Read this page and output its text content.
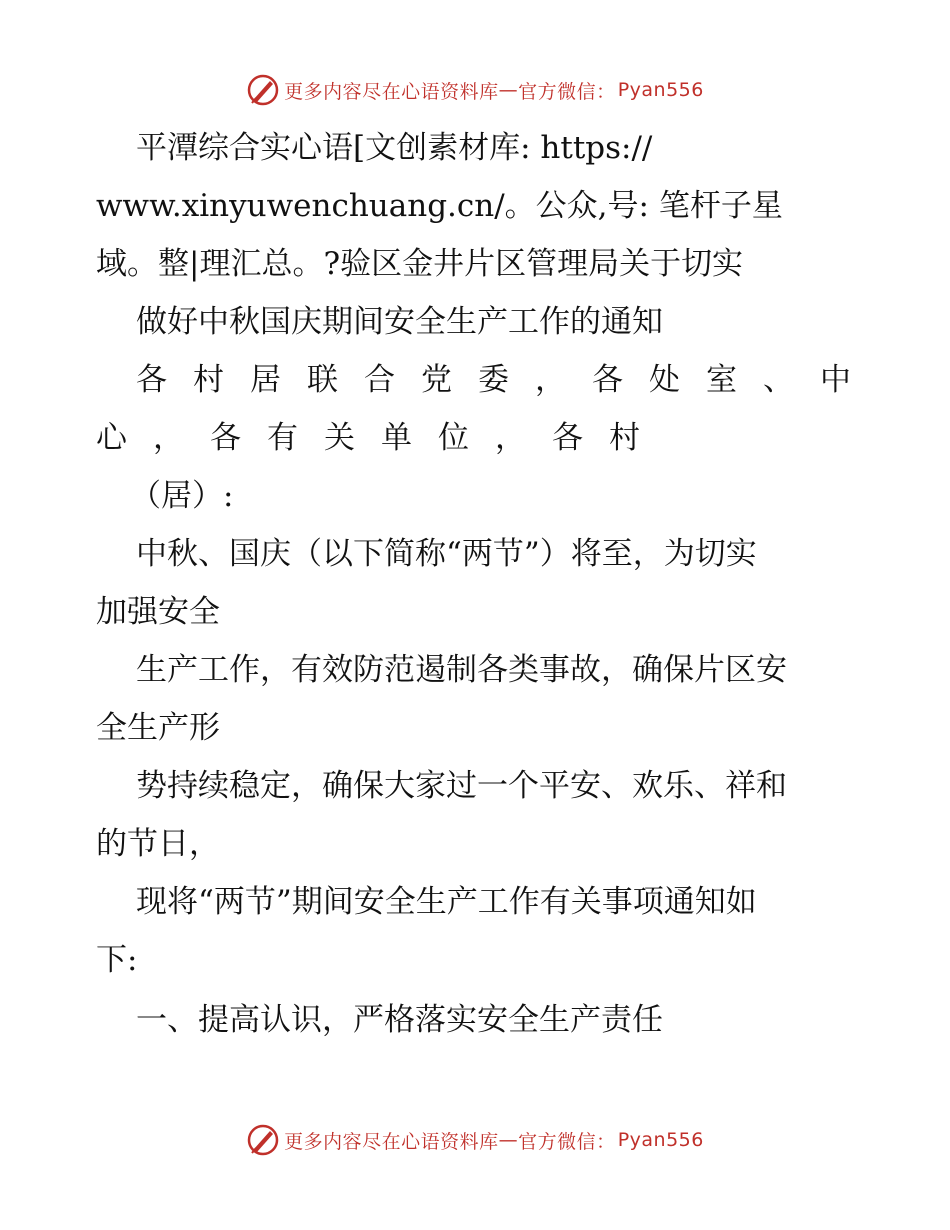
更多内容尽在心语资料库 — 官方微信： Pyan556
平潭综合实心语[文创素材库: https://
www.xinyuwenchuang.cn/。公众,号: 笔杆子星
域。整|理汇总。?验区金井片区管理局关于切实
做好中秋国庆期间安全生产工作的通知
各村居联合党委，各处室、中
心，各有关单位，各村
（居）:
中秋、国庆（以下简称“两节”）将至，为切实
加强安全
生产工作，有效防范遏制各类事故，确保片区安
全生产形
势持续稳定，确保大家过一个平安、欢乐、祥和
的节日，
现将“两节”期间安全生产工作有关事项通知如
下:
一、提高认识，严格落实安全生产责任
更多内容尽在心语资料库 — 官方微信： Pyan556
